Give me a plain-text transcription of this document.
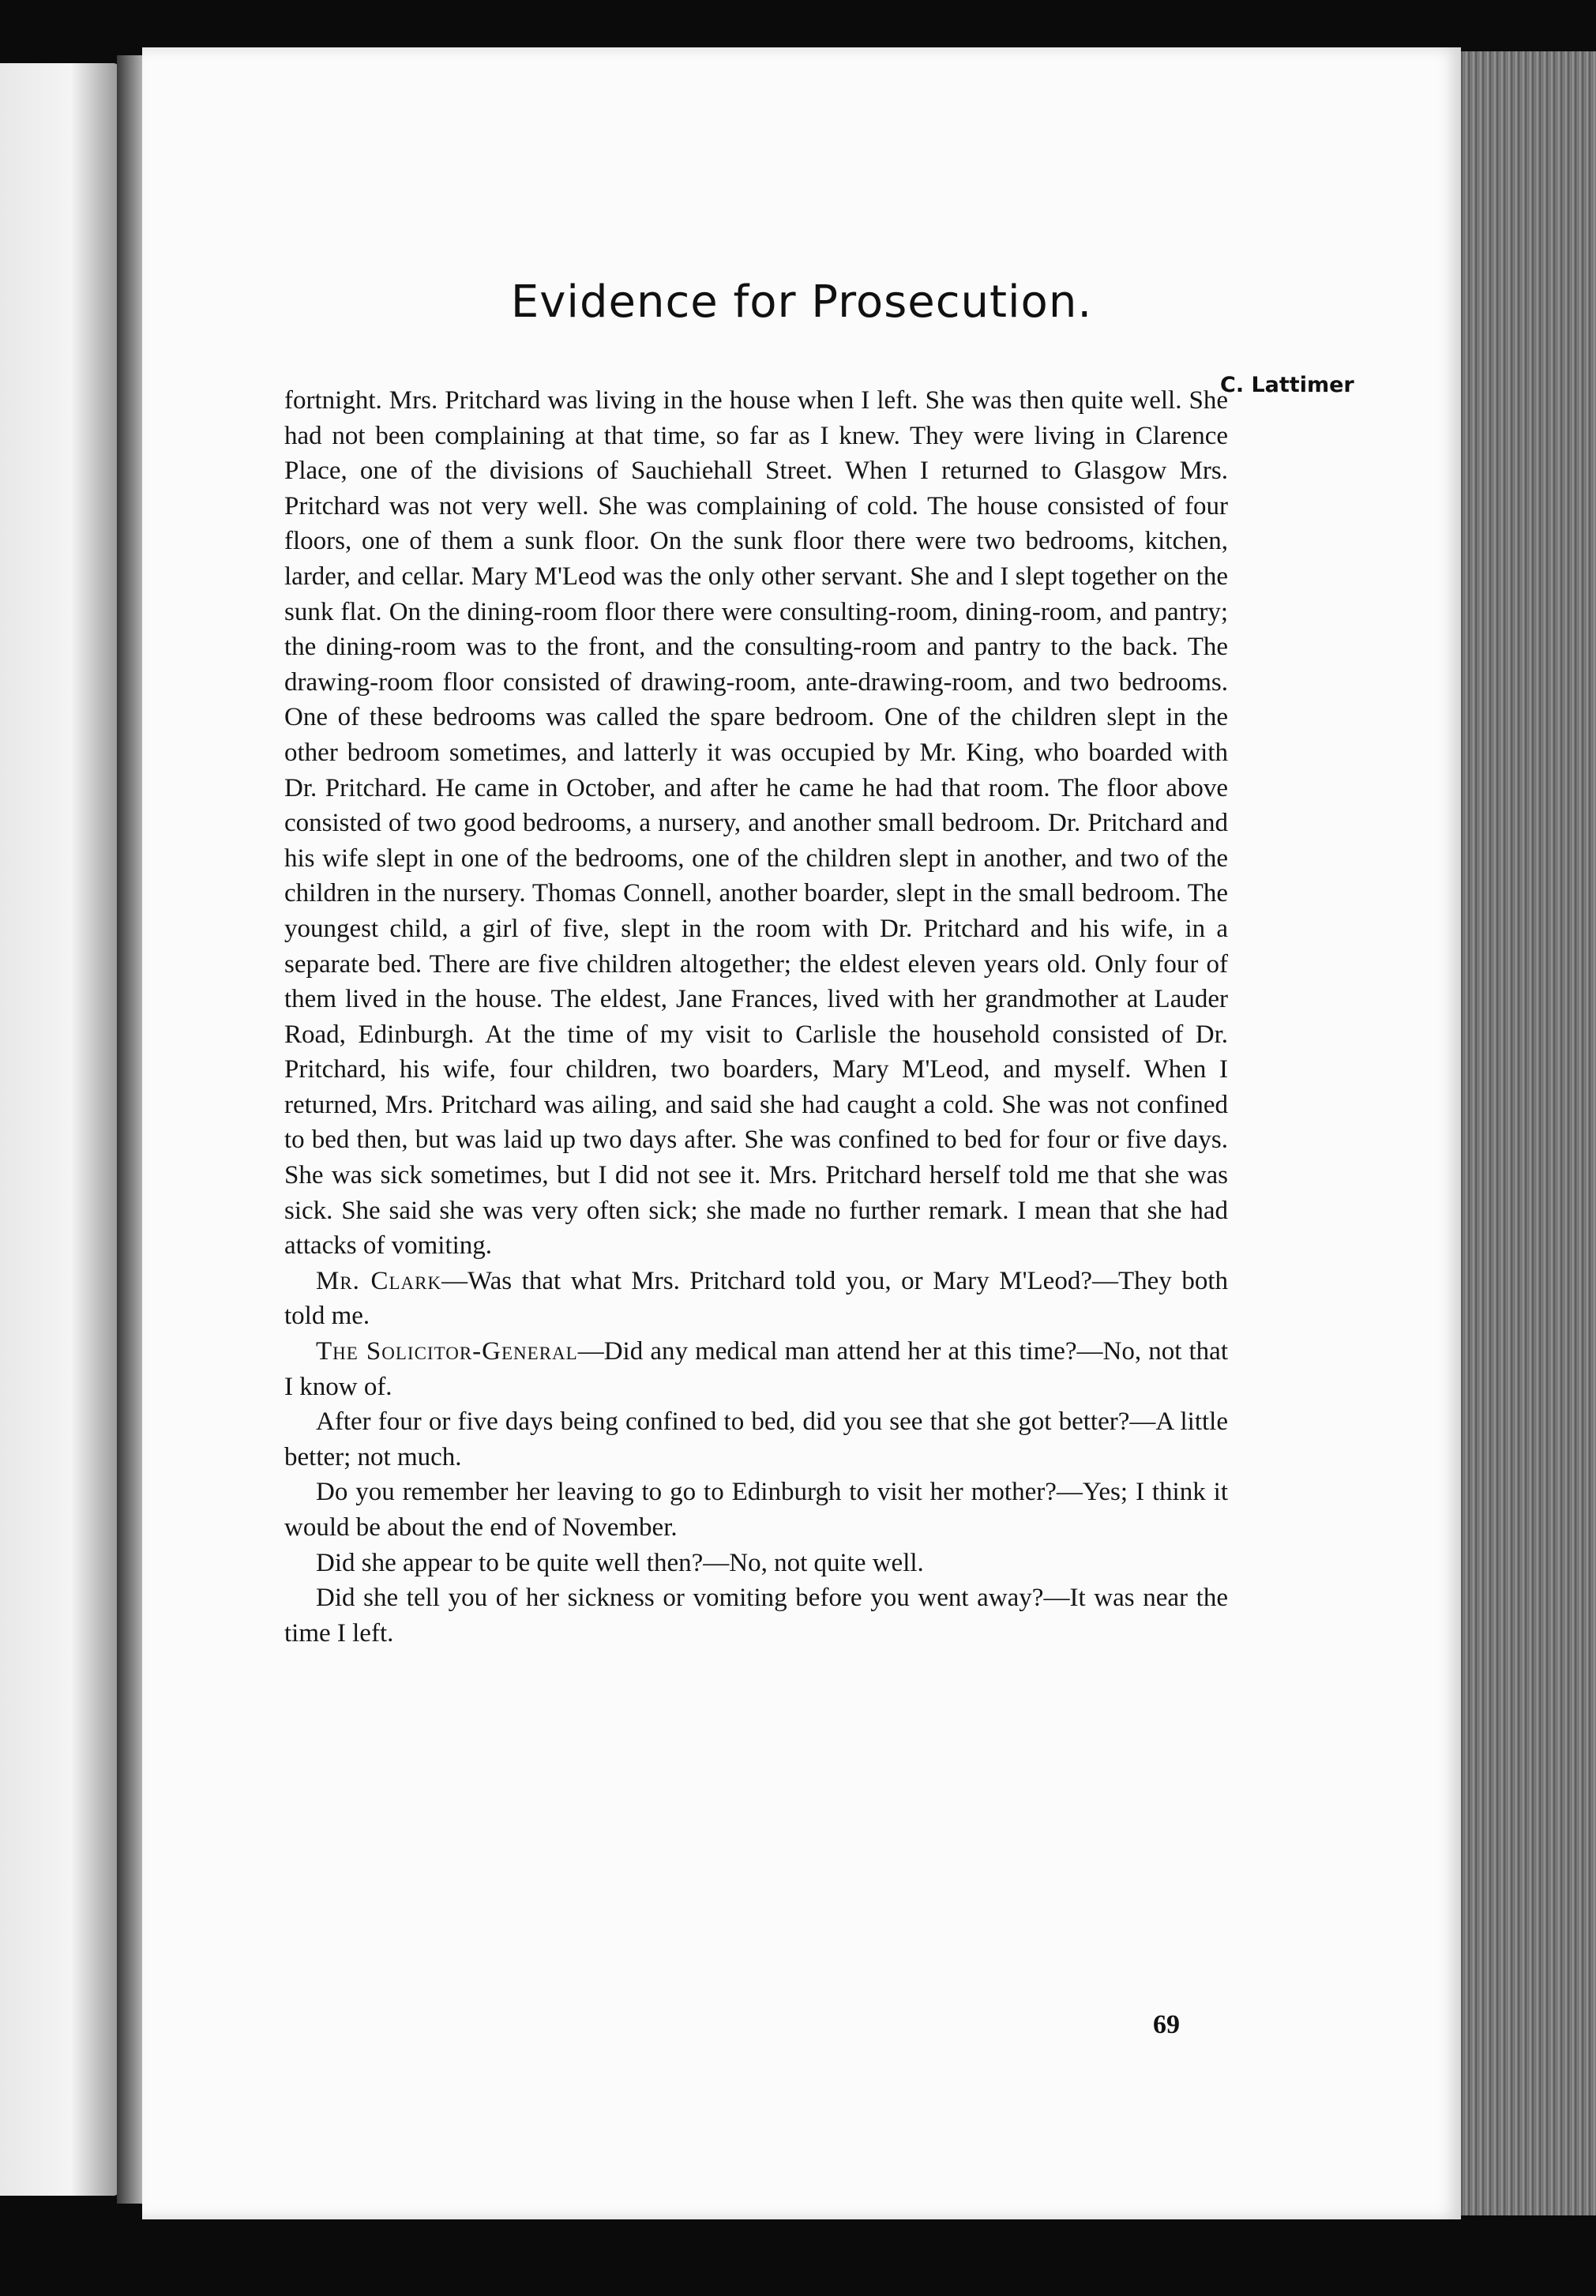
Evidence for Prosecution.
C. Lattimer

fortnight. Mrs. Pritchard was living in the house when I left. She was then quite well. She had not been complaining at that time, so far as I knew. They were living in Clarence Place, one of the divisions of Sauchiehall Street. When I returned to Glasgow Mrs. Pritchard was not very well. She was complaining of cold. The house consisted of four floors, one of them a sunk floor. On the sunk floor there were two bedrooms, kitchen, larder, and cellar. Mary M'Leod was the only other servant. She and I slept together on the sunk flat. On the dining-room floor there were consulting-room, dining-room, and pantry; the dining-room was to the front, and the consulting-room and pantry to the back. The drawing-room floor consisted of drawing-room, ante-drawing-room, and two bedrooms. One of these bedrooms was called the spare bedroom. One of the children slept in the other bedroom sometimes, and latterly it was occupied by Mr. King, who boarded with Dr. Pritchard. He came in October, and after he came he had that room. The floor above consisted of two good bedrooms, a nursery, and another small bedroom. Dr. Pritchard and his wife slept in one of the bedrooms, one of the children slept in another, and two of the children in the nursery. Thomas Connell, another boarder, slept in the small bedroom. The youngest child, a girl of five, slept in the room with Dr. Pritchard and his wife, in a separate bed. There are five children altogether; the eldest eleven years old. Only four of them lived in the house. The eldest, Jane Frances, lived with her grandmother at Lauder Road, Edinburgh. At the time of my visit to Carlisle the household consisted of Dr. Pritchard, his wife, four children, two boarders, Mary M'Leod, and myself. When I returned, Mrs. Pritchard was ailing, and said she had caught a cold. She was not confined to bed then, but was laid up two days after. She was confined to bed for four or five days. She was sick sometimes, but I did not see it. Mrs. Pritchard herself told me that she was sick. She said she was very often sick; she made no further remark. I mean that she had attacks of vomiting.

Mr. Clark—Was that what Mrs. Pritchard told you, or Mary M'Leod?—They both told me.

The Solicitor-General—Did any medical man attend her at this time?—No, not that I know of.

After four or five days being confined to bed, did you see that she got better?—A little better; not much.

Do you remember her leaving to go to Edinburgh to visit her mother?—Yes; I think it would be about the end of November.

Did she appear to be quite well then?—No, not quite well.

Did she tell you of her sickness or vomiting before you went away?—It was near the time I left.

69
